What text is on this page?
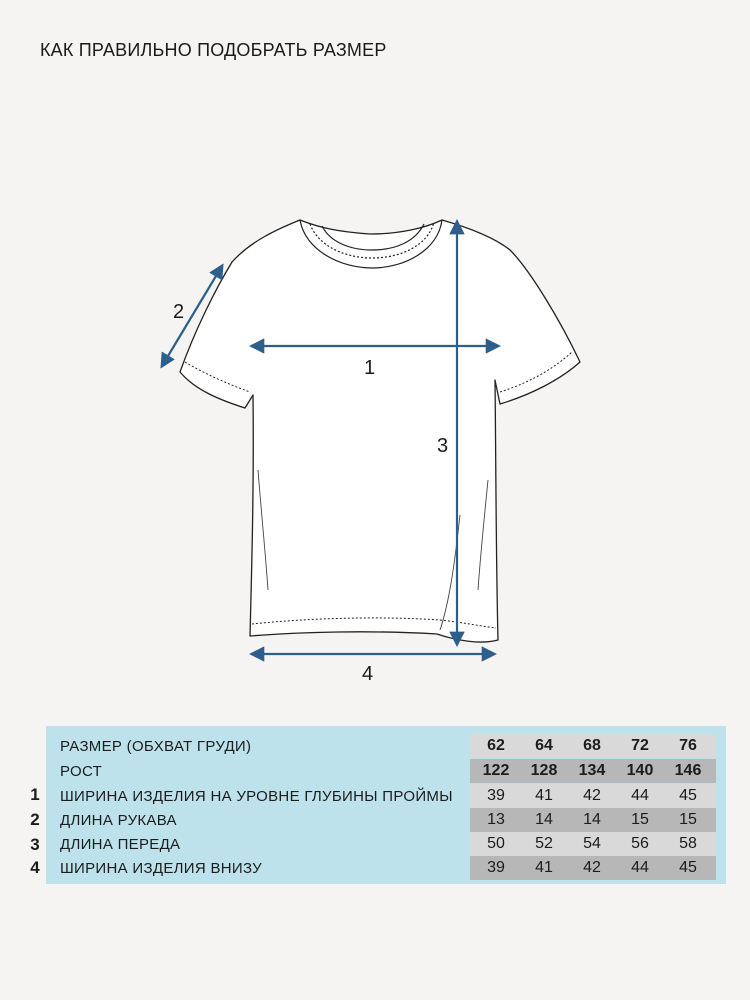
КАК ПРАВИЛЬНО ПОДОБРАТЬ РАЗМЕР
1
2
3
4
1
2
3
4
РАЗМЕР (ОБХВАТ ГРУДИ)	62	64	68	72	76
РОСТ	122	128	134	140	146
ШИРИНА ИЗДЕЛИЯ НА УРОВНЕ ГЛУБИНЫ ПРОЙМЫ	39	41	42	44	45
ДЛИНА РУКАВА	13	14	14	15	15
ДЛИНА ПЕРЕДА	50	52	54	56	58
ШИРИНА ИЗДЕЛИЯ ВНИЗУ	39	41	42	44	45
